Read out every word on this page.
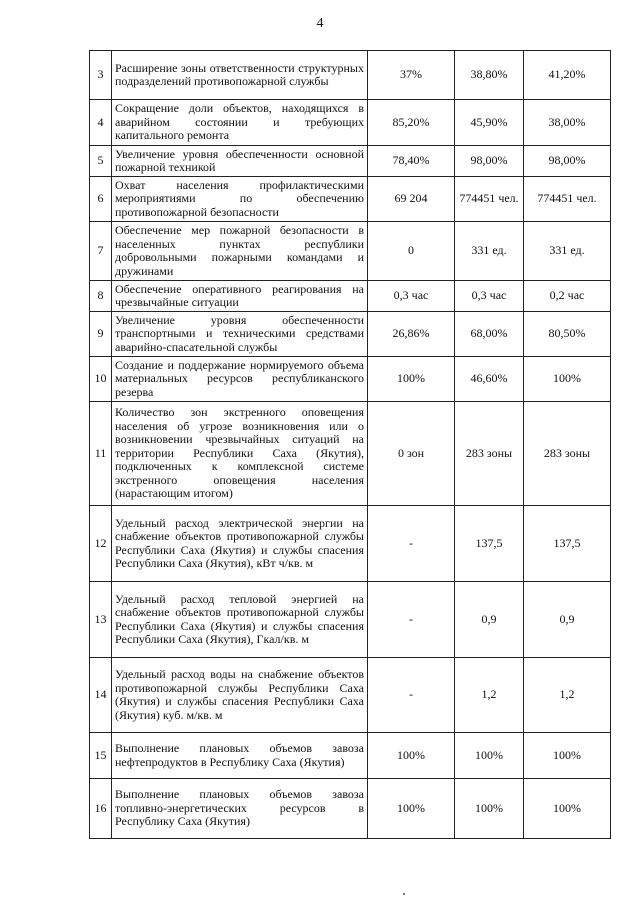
4
3	Расширение зоны ответственности структурных подразделений противопожарной службы	37%	38,80%	41,20%
4	Сокращение доли объектов, находящихся в аварийном состоянии и требующих капитального ремонта	85,20%	45,90%	38,00%
5	Увеличение уровня обеспеченности основной пожарной техникой	78,40%	98,00%	98,00%
6	Охват населения профилактическими мероприятиями по обеспечению противопожарной безопасности	69 204	774451 чел.	774451 чел.
7	Обеспечение мер пожарной безопасности в населенных пунктах республики добровольными пожарными командами и дружинами	0	331 ед.	331 ед.
8	Обеспечение оперативного реагирования на чрезвычайные ситуации	0,3 час	0,3 час	0,2 час
9	Увеличение уровня обеспеченности транспортными и техническими средствами аварийно-спасательной службы	26,86%	68,00%	80,50%
10	Создание и поддержание нормируемого объема материальных ресурсов республиканского резерва	100%	46,60%	100%
11	Количество зон экстренного оповещения населения об угрозе возникновения или о возникновении чрезвычайных ситуаций на территории Республики Саха (Якутия), подключенных к комплексной системе экстренного оповещения населения (нарастающим итогом)	0 зон	283 зоны	283 зоны
12	Удельный расход электрической энергии на снабжение объектов противопожарной службы Республики Саха (Якутия) и службы спасения Республики Саха (Якутия), кВт ч/кв. м	-	137,5	137,5
13	Удельный расход тепловой энергией на снабжение объектов противопожарной службы Республики Саха (Якутия) и службы спасения Республики Саха (Якутия), Гкал/кв. м	-	0,9	0,9
14	Удельный расход воды на снабжение объектов противопожарной службы Республики Саха (Якутия) и службы спасения Республики Саха (Якутия) куб. м/кв. м	-	1,2	1,2
15	Выполнение плановых объемов завоза нефтепродуктов в Республику Саха (Якутия)	100%	100%	100%
16	Выполнение плановых объемов завоза топливно-энергетических ресурсов в Республику Саха (Якутия)	100%	100%	100%
